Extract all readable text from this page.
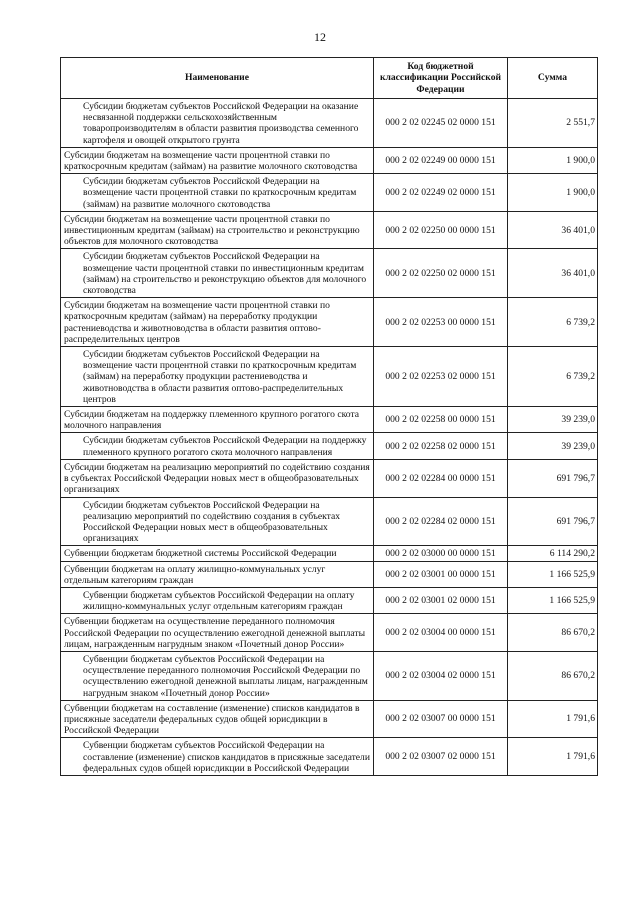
12
Наименование	Код бюджетной классификации Российской Федерации	Сумма
Субсидии бюджетам субъектов Российской Федерации на оказание несвязанной поддержки сельскохозяйственным товаропроизводителям в области развития производства семенного картофеля и овощей открытого грунта	000 2 02 02245 02 0000 151	2 551,7
Субсидии бюджетам на возмещение части процентной ставки по краткосрочным кредитам (займам) на развитие молочного скотоводства	000 2 02 02249 00 0000 151	1 900,0
Субсидии бюджетам субъектов Российской Федерации на возмещение части процентной ставки по краткосрочным кредитам (займам) на развитие молочного скотоводства	000 2 02 02249 02 0000 151	1 900,0
Субсидии бюджетам на возмещение части процентной ставки по инвестиционным кредитам (займам) на строительство и реконструкцию объектов для молочного скотоводства	000 2 02 02250 00 0000 151	36 401,0
Субсидии бюджетам субъектов Российской Федерации на возмещение части процентной ставки по инвестиционным кредитам (займам) на строительство и реконструкцию объектов для молочного скотоводства	000 2 02 02250 02 0000 151	36 401,0
Субсидии бюджетам на возмещение части процентной ставки по краткосрочным кредитам (займам) на переработку продукции растениеводства и животноводства в области развития оптово-распределительных центров	000 2 02 02253 00 0000 151	6 739,2
Субсидии бюджетам субъектов Российской Федерации на возмещение части процентной ставки по краткосрочным кредитам (займам) на переработку продукции растениеводства и животноводства в области развития оптово-распределительных центров	000 2 02 02253 02 0000 151	6 739,2
Субсидии бюджетам на поддержку племенного крупного рогатого скота молочного направления	000 2 02 02258 00 0000 151	39 239,0
Субсидии бюджетам субъектов Российской Федерации на поддержку племенного крупного рогатого скота молочного направления	000 2 02 02258 02 0000 151	39 239,0
Субсидии бюджетам на реализацию мероприятий по содействию создания в субъектах Российской Федерации новых мест в общеобразовательных организациях	000 2 02 02284 00 0000 151	691 796,7
Субсидии бюджетам субъектов Российской Федерации на реализацию мероприятий по содействию создания в субъектах Российской Федерации новых мест в общеобразовательных организациях	000 2 02 02284 02 0000 151	691 796,7
Субвенции бюджетам бюджетной системы Российской Федерации	000 2 02 03000 00 0000 151	6 114 290,2
Субвенции бюджетам на оплату жилищно-коммунальных услуг отдельным категориям граждан	000 2 02 03001 00 0000 151	1 166 525,9
Субвенции бюджетам субъектов Российской Федерации на оплату жилищно-коммунальных услуг отдельным категориям граждан	000 2 02 03001 02 0000 151	1 166 525,9
Субвенции бюджетам на осуществление переданного полномочия Российской Федерации по осуществлению ежегодной денежной выплаты лицам, награжденным нагрудным знаком «Почетный донор России»	000 2 02 03004 00 0000 151	86 670,2
Субвенции бюджетам субъектов Российской Федерации на осуществление переданного полномочия Российской Федерации по осуществлению ежегодной денежной выплаты лицам, награжденным нагрудным знаком «Почетный донор России»	000 2 02 03004 02 0000 151	86 670,2
Субвенции бюджетам на составление (изменение) списков кандидатов в присяжные заседатели федеральных судов общей юрисдикции в Российской Федерации	000 2 02 03007 00 0000 151	1 791,6
Субвенции бюджетам субъектов Российской Федерации на составление (изменение) списков кандидатов в присяжные заседатели федеральных судов общей юрисдикции в Российской Федерации	000 2 02 03007 02 0000 151	1 791,6
